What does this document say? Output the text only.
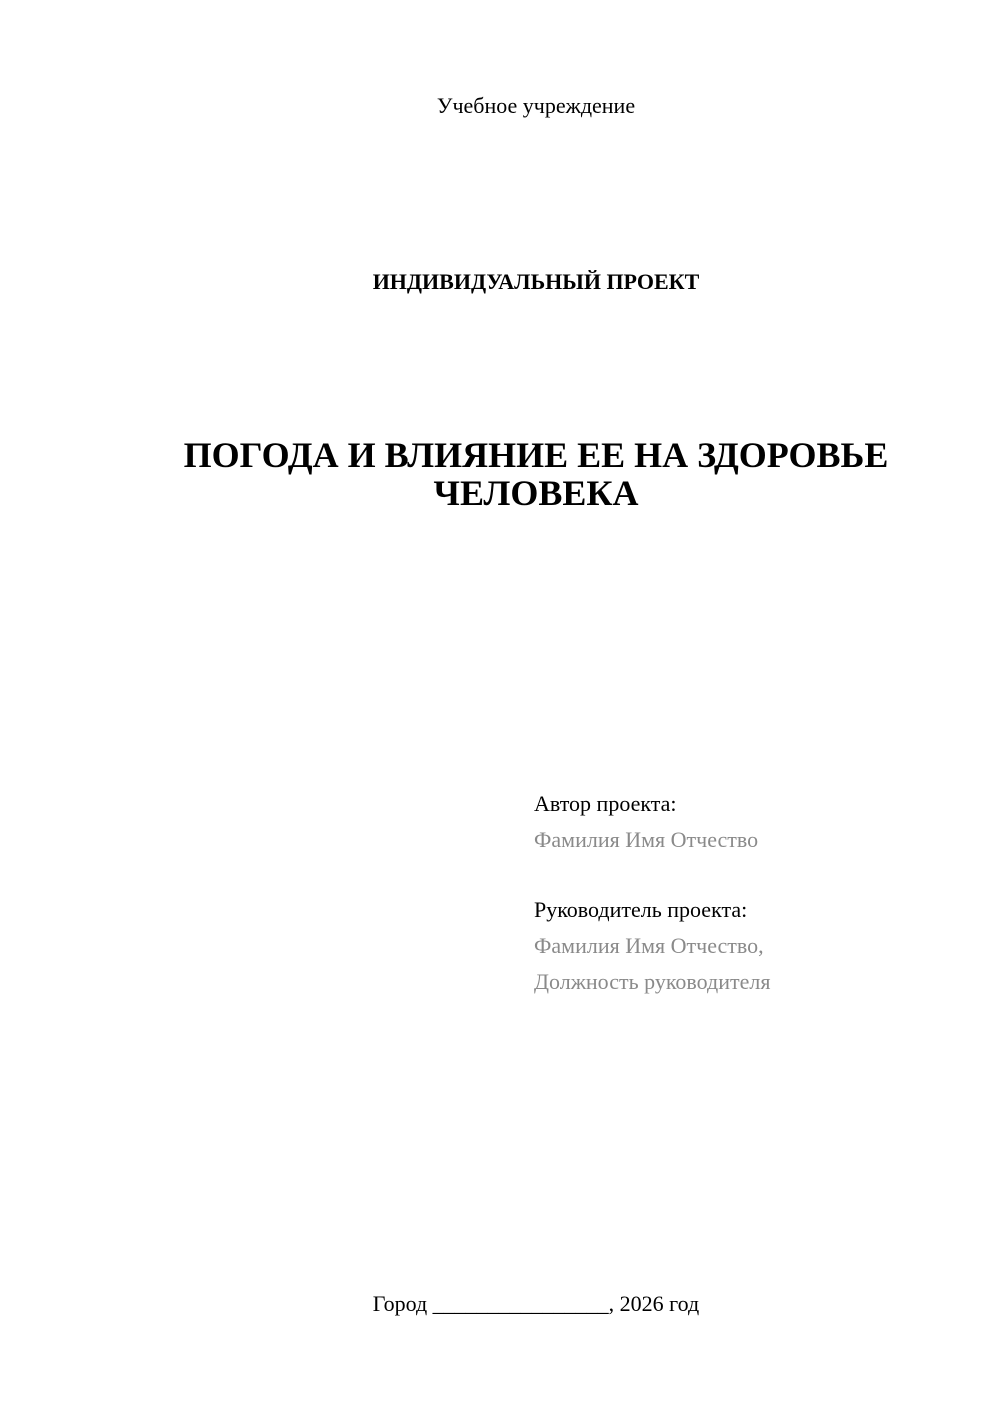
Учебное учреждение
ИНДИВИДУАЛЬНЫЙ ПРОЕКТ
ПОГОДА И ВЛИЯНИЕ ЕЕ НА ЗДОРОВЬЕ
ЧЕЛОВЕКА
Автор проекта:
Фамилия Имя Отчество
Руководитель проекта:
Фамилия Имя Отчество,
Должность руководителя
Город ________________, 2026 год
